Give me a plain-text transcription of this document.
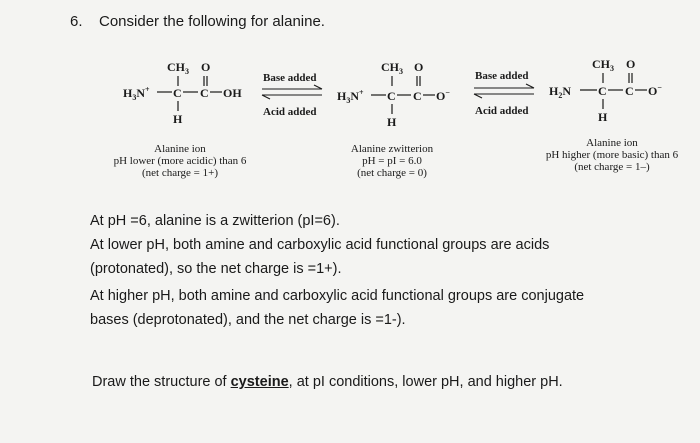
6. Consider the following for alanine.
$CH_3$ O
$H_3N^+$ C C OH
H
Base added
Acid added
$CH_3$ O
$H_3N^+$ C C O−
H
Base added
Acid added
$CH_3$ O
$H_2N$ C C O−
H
Alanine ion
pH lower (more acidic) than 6
(net charge = 1+)
Alanine zwitterion
pH = pI = 6.0
(net charge = 0)
Alanine ion
pH higher (more basic) than 6
(net charge = 1–)
At pH =6, alanine is a zwitterion (pI=6).
At lower pH, both amine and carboxylic acid functional groups are acids
(protonated), so the net charge is =1+).
At higher pH, both amine and carboxylic acid functional groups are conjugate
bases (deprotonated), and the net charge is =1-).
Draw the structure of cysteine, at pI conditions, lower pH, and higher pH.
